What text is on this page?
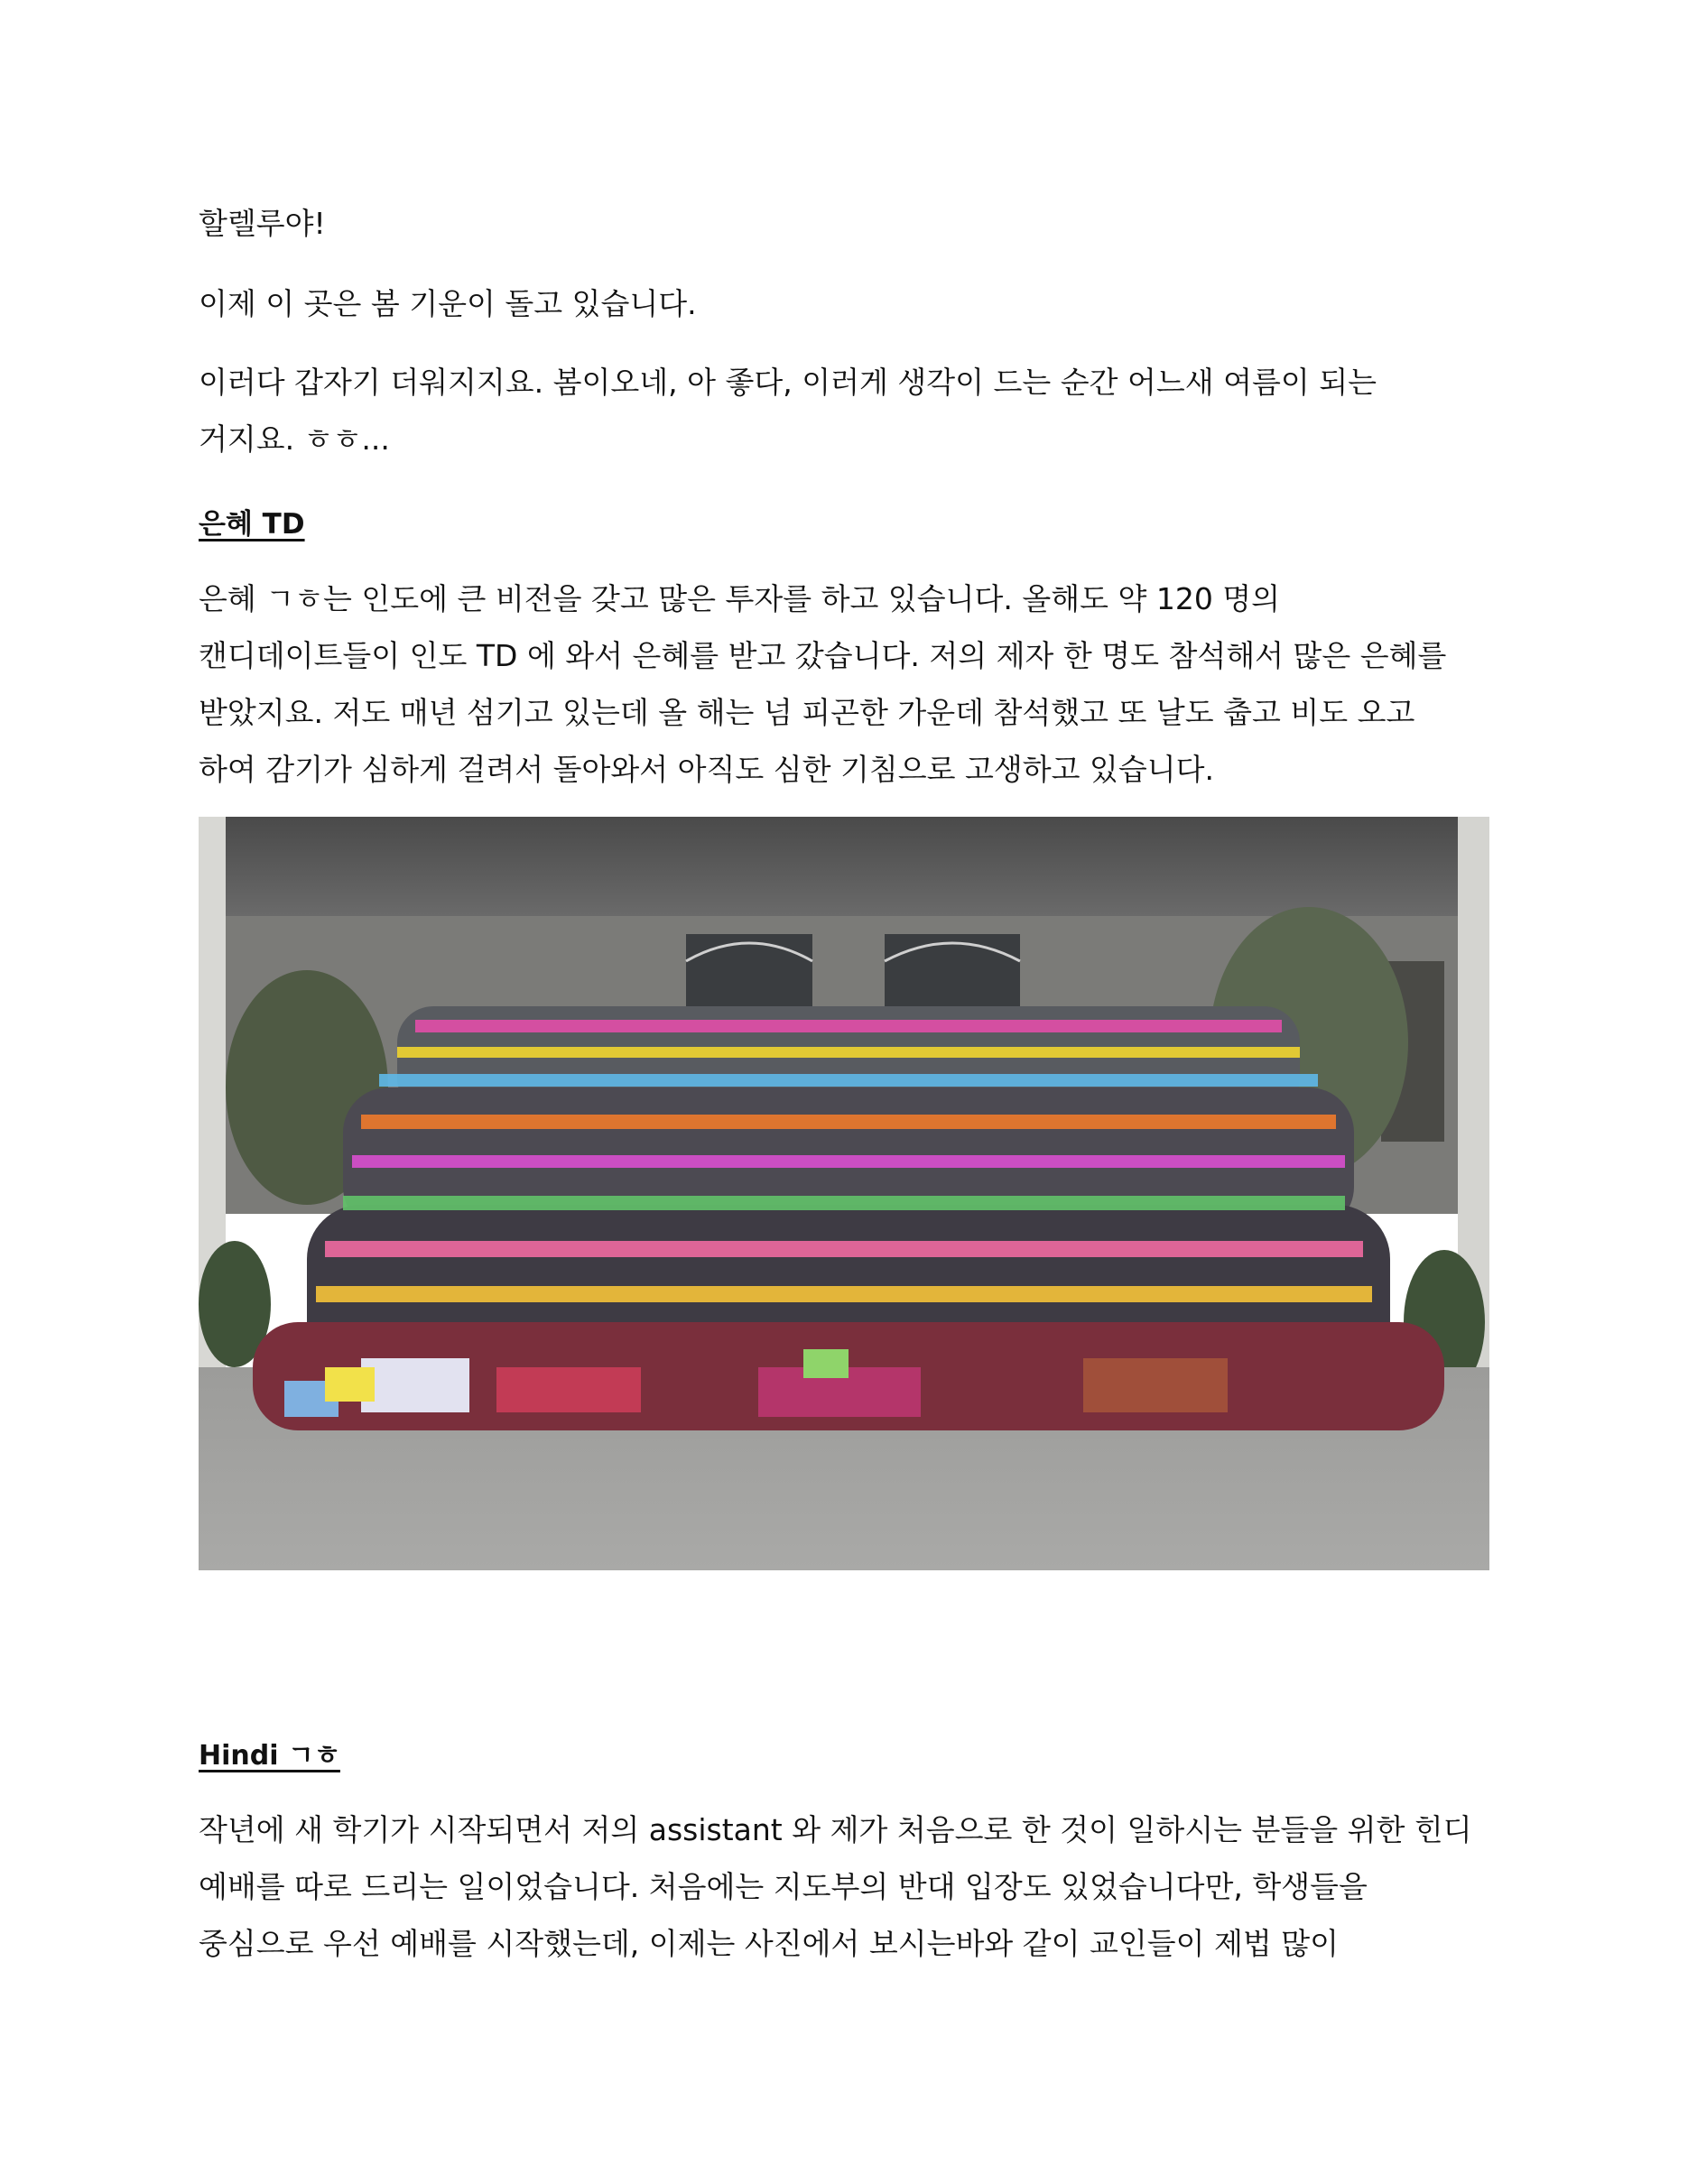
할렐루야!

이제 이 곳은 봄 기운이 돌고 있습니다.

이러다 갑자기 더워지지요. 봄이오네, 아 좋다, 이러게 생각이 드는 순간 어느새 여름이 되는

거지요. ㅎㅎ...

은혜 TD

은혜 ㄱㅎ는 인도에 큰 비전을 갖고 많은 투자를 하고 있습니다. 올해도 약 120 명의

캔디데이트들이 인도 TD 에 와서 은혜를 받고 갔습니다. 저의 제자 한 명도 참석해서 많은 은혜를

받았지요. 저도 매년 섬기고 있는데 올 해는 넘 피곤한 가운데 참석했고 또 날도 춥고 비도 오고

하여 감기가 심하게 걸려서 돌아와서 아직도 심한 기침으로 고생하고 있습니다.

Hindi ㄱㅎ

작년에 새 학기가 시작되면서 저의 assistant 와 제가 처음으로 한 것이 일하시는 분들을 위한 힌디

예배를 따로 드리는 일이었습니다. 처음에는 지도부의 반대 입장도 있었습니다만, 학생들을

중심으로 우선 예배를 시작했는데, 이제는 사진에서 보시는바와 같이 교인들이 제법 많이
